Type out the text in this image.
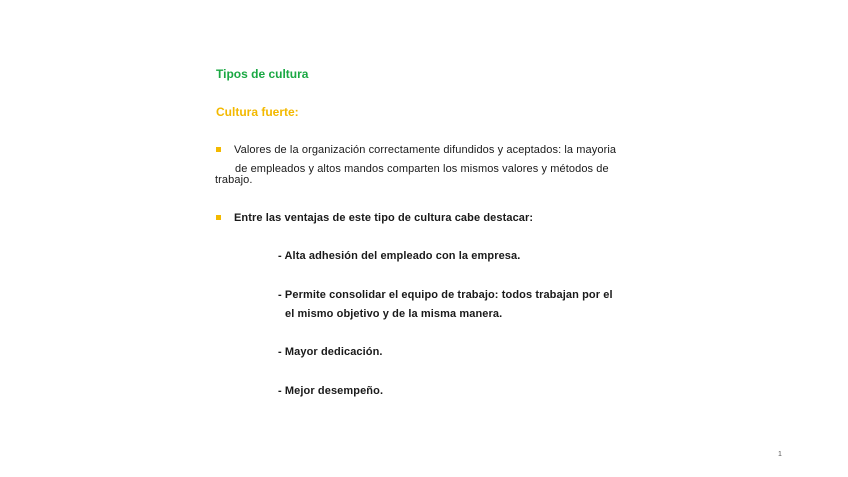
Tipos de cultura
Cultura fuerte:
Valores de la organización correctamente difundidos y aceptados: la mayoria
de empleados y altos mandos comparten los mismos valores y métodos de
trabajo.
Entre las ventajas de este tipo de cultura cabe destacar:
- Alta adhesión del empleado con la empresa.
- Permite consolidar el equipo de trabajo: todos trabajan por el
el mismo objetivo y de la misma manera.
- Mayor dedicación.
- Mejor desempeño.
1
